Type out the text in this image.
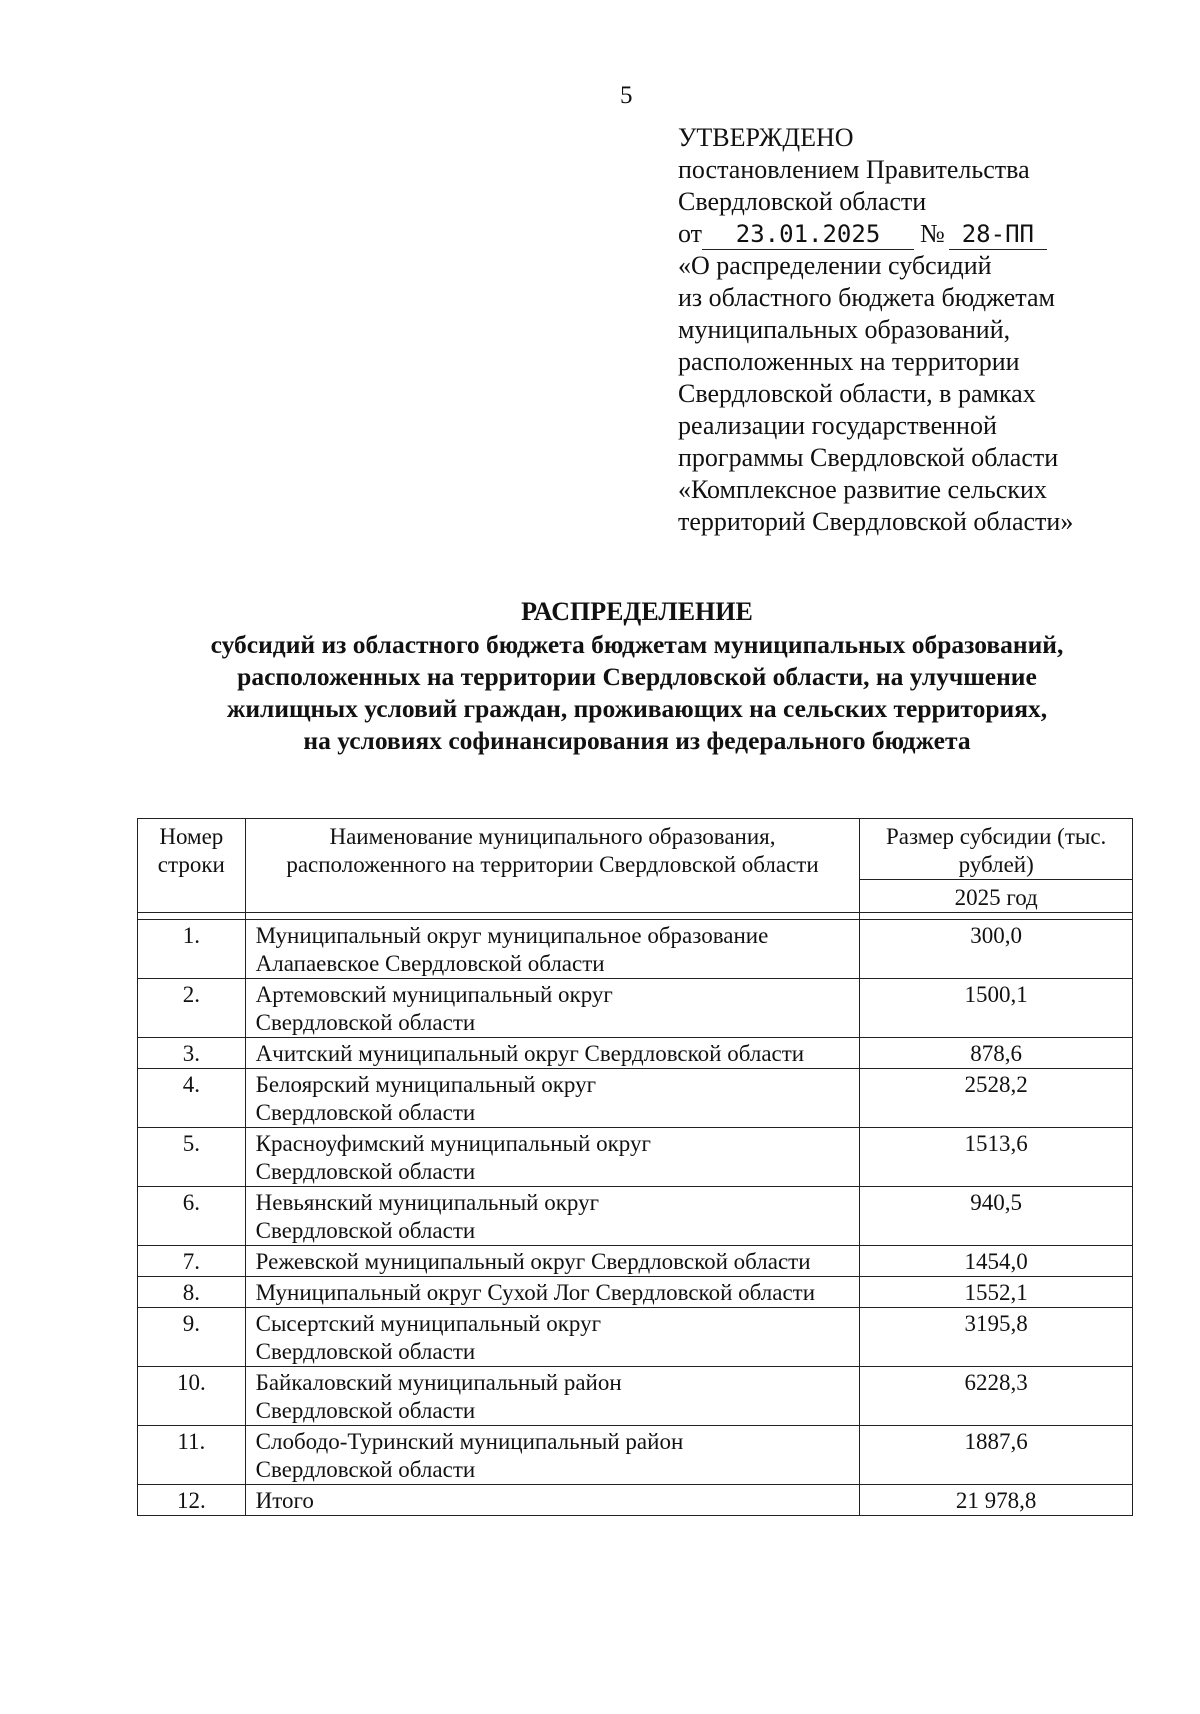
5
УТВЕРЖДЕНО
постановлением Правительства
Свердловской области
от 23.01.2025 № 28-ПП
«О распределении субсидий
из областного бюджета бюджетам
муниципальных образований,
расположенных на территории
Свердловской области, в рамках
реализации государственной
программы Свердловской области
«Комплексное развитие сельских
территорий Свердловской области»
РАСПРЕДЕЛЕНИЕ
субсидий из областного бюджета бюджетам муниципальных образований,
расположенных на территории Свердловской области, на улучшение
жилищных условий граждан, проживающих на сельских территориях,
на условиях софинансирования из федерального бюджета
Номер строки	Наименование муниципального образования, расположенного на территории Свердловской области	Размер субсидии (тыс. рублей)
		2025 год

1.	Муниципальный округ муниципальное образование
Алапаевское Свердловской области	300,0
2.	Артемовский муниципальный округ
Свердловской области	1500,1
3.	Ачитский муниципальный округ Свердловской области	878,6
4.	Белоярский муниципальный округ
Свердловской области	2528,2
5.	Красноуфимский муниципальный округ
Свердловской области	1513,6
6.	Невьянский муниципальный округ
Свердловской области	940,5
7.	Режевской муниципальный округ Свердловской области	1454,0
8.	Муниципальный округ Сухой Лог Свердловской области	1552,1
9.	Сысертский муниципальный округ
Свердловской области	3195,8
10.	Байкаловский муниципальный район
Свердловской области	6228,3
11.	Слободо-Туринский муниципальный район
Свердловской области	1887,6
12.	Итого	21 978,8
